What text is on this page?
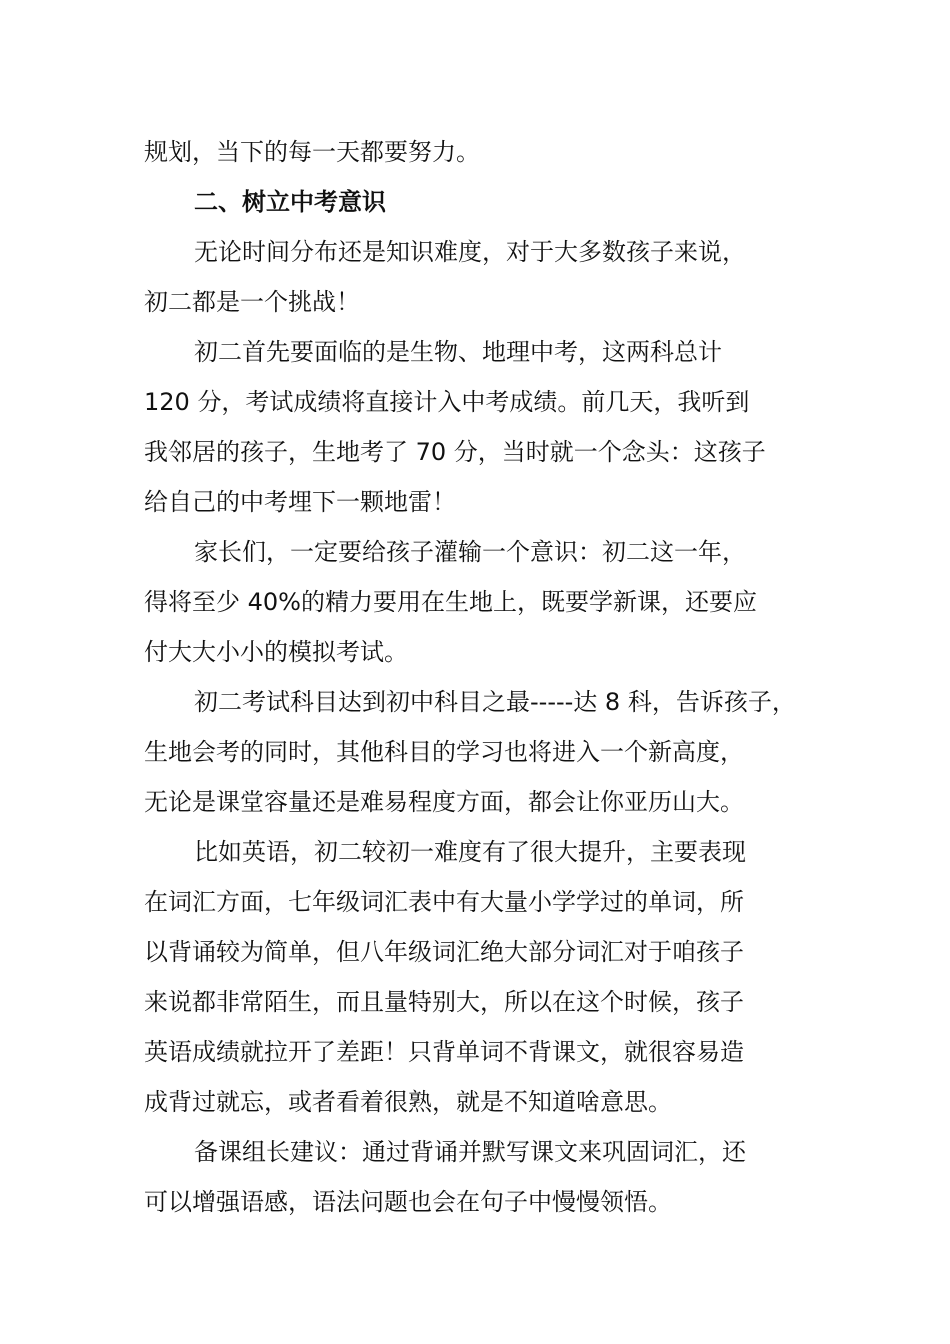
规划，当下的每一天都要努力。

二、树立中考意识

无论时间分布还是知识难度，对于大多数孩子来说，
初二都是一个挑战！

初二首先要面临的是生物、地理中考，这两科总计
120 分，考试成绩将直接计入中考成绩。前几天，我听到
我邻居的孩子，生地考了 70 分，当时就一个念头：这孩子
给自己的中考埋下一颗地雷！

家长们，一定要给孩子灌输一个意识：初二这一年，
得将至少 40%的精力要用在生地上，既要学新课，还要应
付大大小小的模拟考试。

初二考试科目达到初中科目之最-----达 8 科，告诉孩子，
生地会考的同时，其他科目的学习也将进入一个新高度，
无论是课堂容量还是难易程度方面，都会让你亚历山大。

比如英语，初二较初一难度有了很大提升，主要表现
在词汇方面，七年级词汇表中有大量小学学过的单词，所
以背诵较为简单，但八年级词汇绝大部分词汇对于咱孩子
来说都非常陌生，而且量特别大，所以在这个时候，孩子
英语成绩就拉开了差距！只背单词不背课文，就很容易造
成背过就忘，或者看着很熟，就是不知道啥意思。

备课组长建议：通过背诵并默写课文来巩固词汇，还
可以增强语感，语法问题也会在句子中慢慢领悟。
